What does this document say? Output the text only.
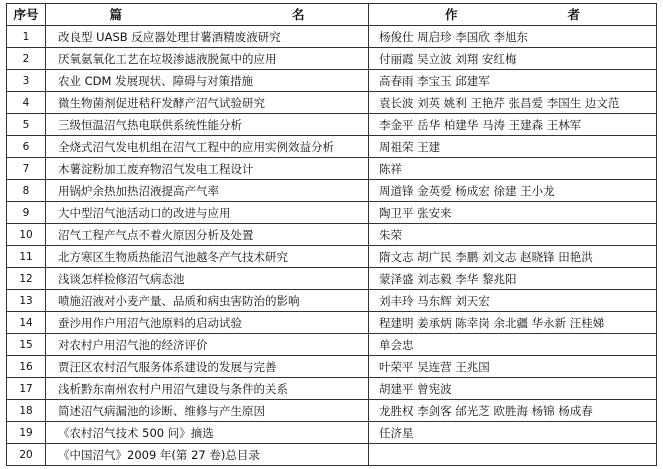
序号	篇 名	作 者
1	改良型 UASB 反应器处理甘薯酒精废液研究	杨俊仕 周启珍 李国欣 李旭东
2	厌氧氨氧化工艺在垃圾渗滤液脱氮中的应用	付丽霞 吴立波 刘翔 安红梅
3	农业 CDM 发展现状、障碍与对策措施	高春雨 李宝玉 邱建军
4	微生物菌剂促进秸秆发酵产沼气试验研究	袁长波 刘英 姚利 王艳芹 张昌爱 李国生 边文范
5	三级恒温沼气热电联供系统性能分析	李金平 岳华 柏建华 马涛 王建森 王林军
6	全烧式沼气发电机组在沼气工程中的应用实例效益分析	周祖荣 王建
7	木薯淀粉加工废弃物沼气发电工程设计	陈祥
8	用锅炉余热加热沼液提高产气率	周道锋 金英爱 杨成宏 徐建 王小龙
9	大中型沼气池活动口的改进与应用	陶卫平 张安来
10	沼气工程产气点不着火原因分析及处置	朱荣
11	北方寒区生物质热能沼气池越冬产气技术研究	隋文志 胡广民 李鹏 刘文志 赵晓锋 田艳洪
12	浅谈怎样检修沼气病态池	蒙泽盛 刘志毅 李华 黎兆阳
13	喷施沼液对小麦产量、品质和病虫害防治的影响	刘丰玲 马东辉 刘天宏
14	蚕沙用作户用沼气池原料的启动试验	程建明 姜承炳 陈幸岗 余北疆 华永新 汪桂娣
15	对农村户用沼气池的经济评价	单会忠
16	贾汪区农村沼气服务体系建设的发展与完善	叶荣平 吴连营 王兆国
17	浅析黔东南州农村户用沼气建设与条件的关系	胡建平 曾宪波
18	简述沼气病漏池的诊断、维修与产生原因	龙胜权 李剑客 邰光芝 欧胜海 杨锦 杨成春
19	《农村沼气技术 500 问》摘选	任济星
20	《中国沼气》2009 年(第 27 卷)总目录	
